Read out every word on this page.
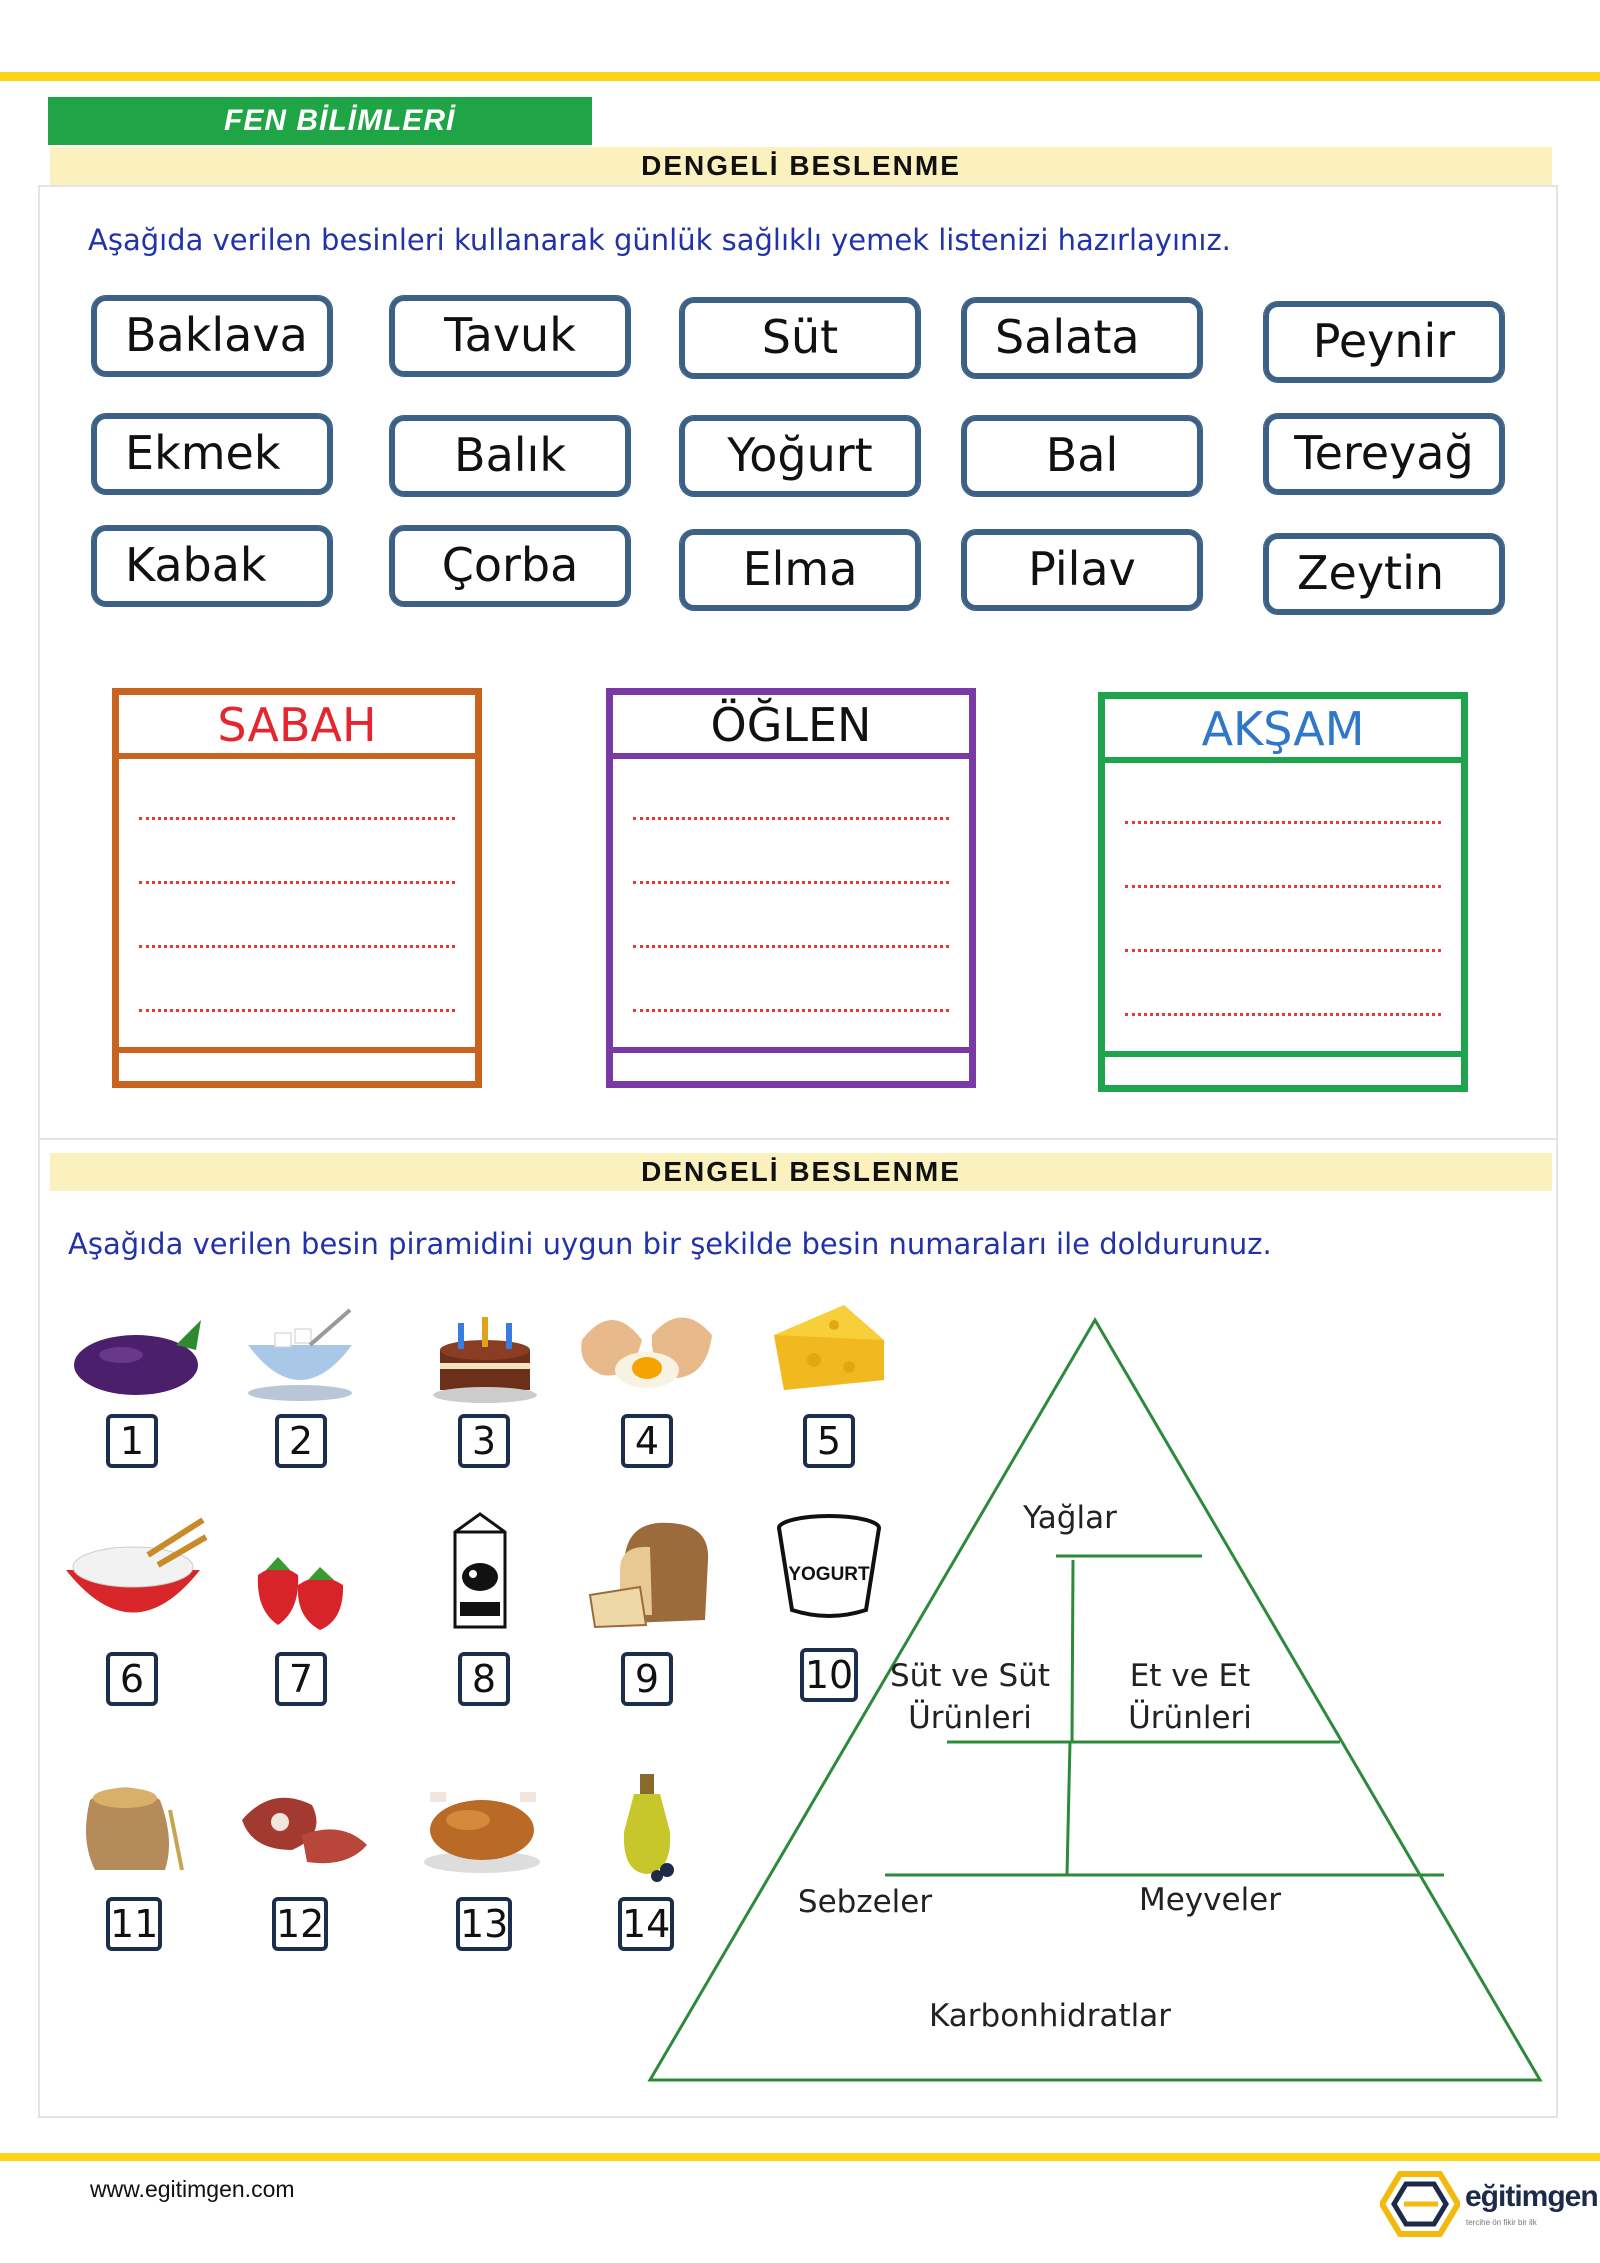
FEN BİLİMLERİ
DENGELİ BESLENME
Aşağıda verilen besinleri kullanarak günlük sağlıklı yemek listenizi hazırlayınız.
Baklava	Tavuk	Süt	Salata	Peynir
Ekmek	Balık	Yoğurt	Bal	Tereyağ
Kabak	Çorba	Elma	Pilav	Zeytin
SABAH	ÖĞLEN	AKŞAM
DENGELİ BESLENME
Aşağıda verilen besin piramidini uygun bir şekilde besin numaraları ile doldurunuz.
1	2	3	4	5
YOGURT
6	7	8	9	10
11	12	13	14
Yağlar
Süt ve Süt
Ürünleri
Et ve Et
Ürünleri
Sebzeler	Meyveler
Karbonhidratlar
www.egitimgen.com	eğitimgen
tercihe ön fikir bir ilk
